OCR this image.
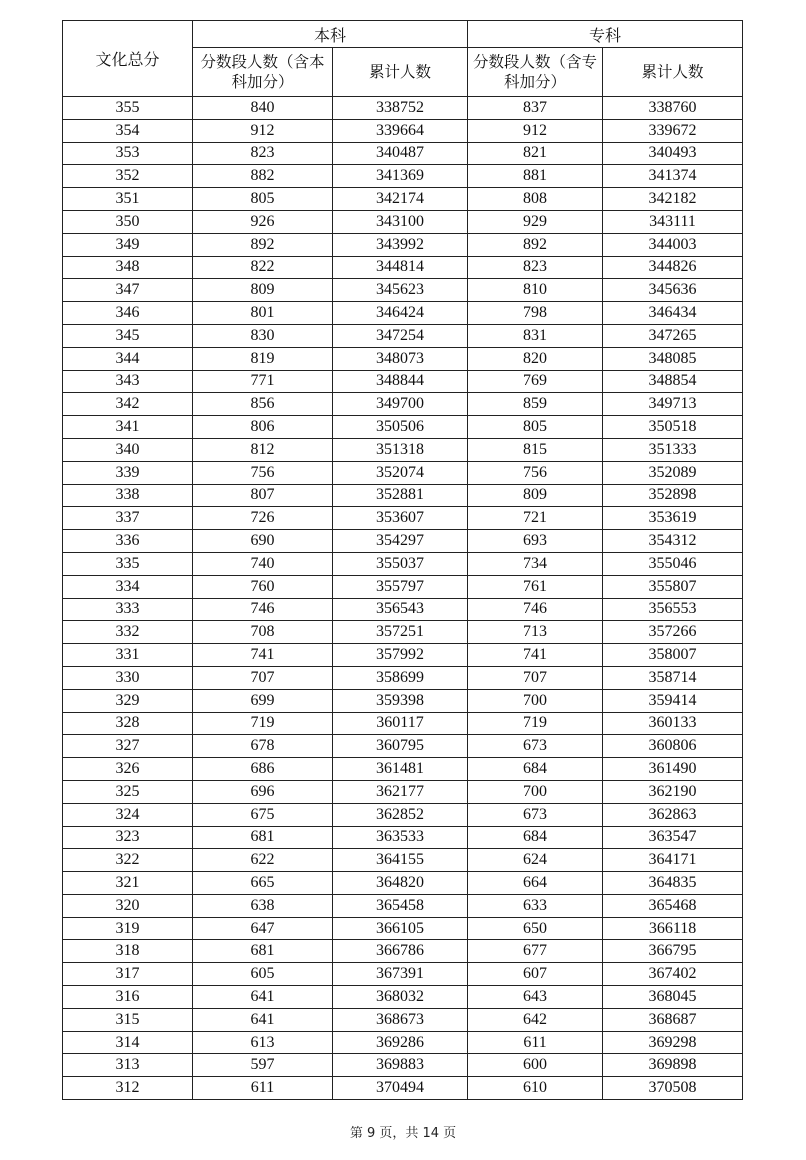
文化总分	本科		专科	
	分数段人数（含本科加分）	累计人数	分数段人数（含专科加分）	累计人数
355	840	338752	837	338760
354	912	339664	912	339672
353	823	340487	821	340493
352	882	341369	881	341374
351	805	342174	808	342182
350	926	343100	929	343111
349	892	343992	892	344003
348	822	344814	823	344826
347	809	345623	810	345636
346	801	346424	798	346434
345	830	347254	831	347265
344	819	348073	820	348085
343	771	348844	769	348854
342	856	349700	859	349713
341	806	350506	805	350518
340	812	351318	815	351333
339	756	352074	756	352089
338	807	352881	809	352898
337	726	353607	721	353619
336	690	354297	693	354312
335	740	355037	734	355046
334	760	355797	761	355807
333	746	356543	746	356553
332	708	357251	713	357266
331	741	357992	741	358007
330	707	358699	707	358714
329	699	359398	700	359414
328	719	360117	719	360133
327	678	360795	673	360806
326	686	361481	684	361490
325	696	362177	700	362190
324	675	362852	673	362863
323	681	363533	684	363547
322	622	364155	624	364171
321	665	364820	664	364835
320	638	365458	633	365468
319	647	366105	650	366118
318	681	366786	677	366795
317	605	367391	607	367402
316	641	368032	643	368045
315	641	368673	642	368687
314	613	369286	611	369298
313	597	369883	600	369898
312	611	370494	610	370508
第 9 页，共 14 页
